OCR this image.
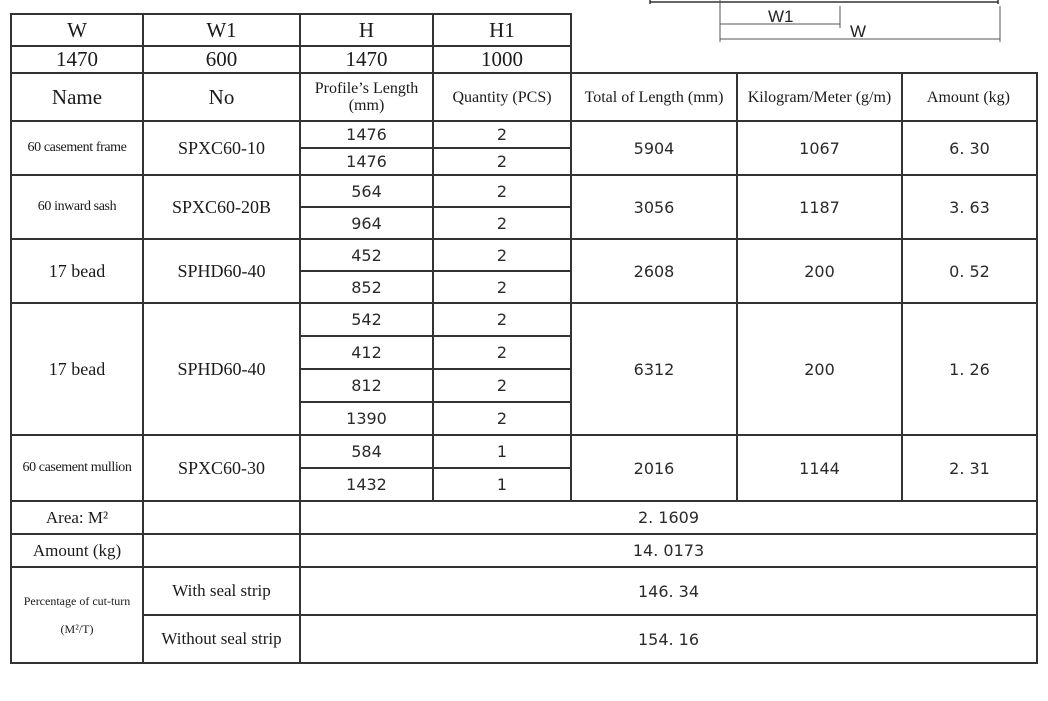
W1
W
W	W1	H	H1			
1470	600	1470	1000			
Name	No	Profile’s Length (mm)	Quantity (PCS)	Total of Length (mm)	Kilogram/Meter (g/m)	Amount (kg)
60 casement frame	SPXC60-10	1476	2	5904	1067	6. 30
		1476	2			
60 inward sash	SPXC60-20B	564	2	3056	1187	3. 63
		964	2			
17 bead	SPHD60-40	452	2	2608	200	0. 52
		852	2			
17 bead	SPHD60-40	542	2	6312	200	1. 26
		412	2			
		812	2			
		1390	2			
60 casement mullion	SPXC60-30	584	1	2016	1144	2. 31
		1432	1			
Area: M²		2. 1609				
Amount (kg)		14. 0173				

Percentage of cut-turn
(M²/T)	With seal strip	146. 34				
	Without seal strip	154. 16				
